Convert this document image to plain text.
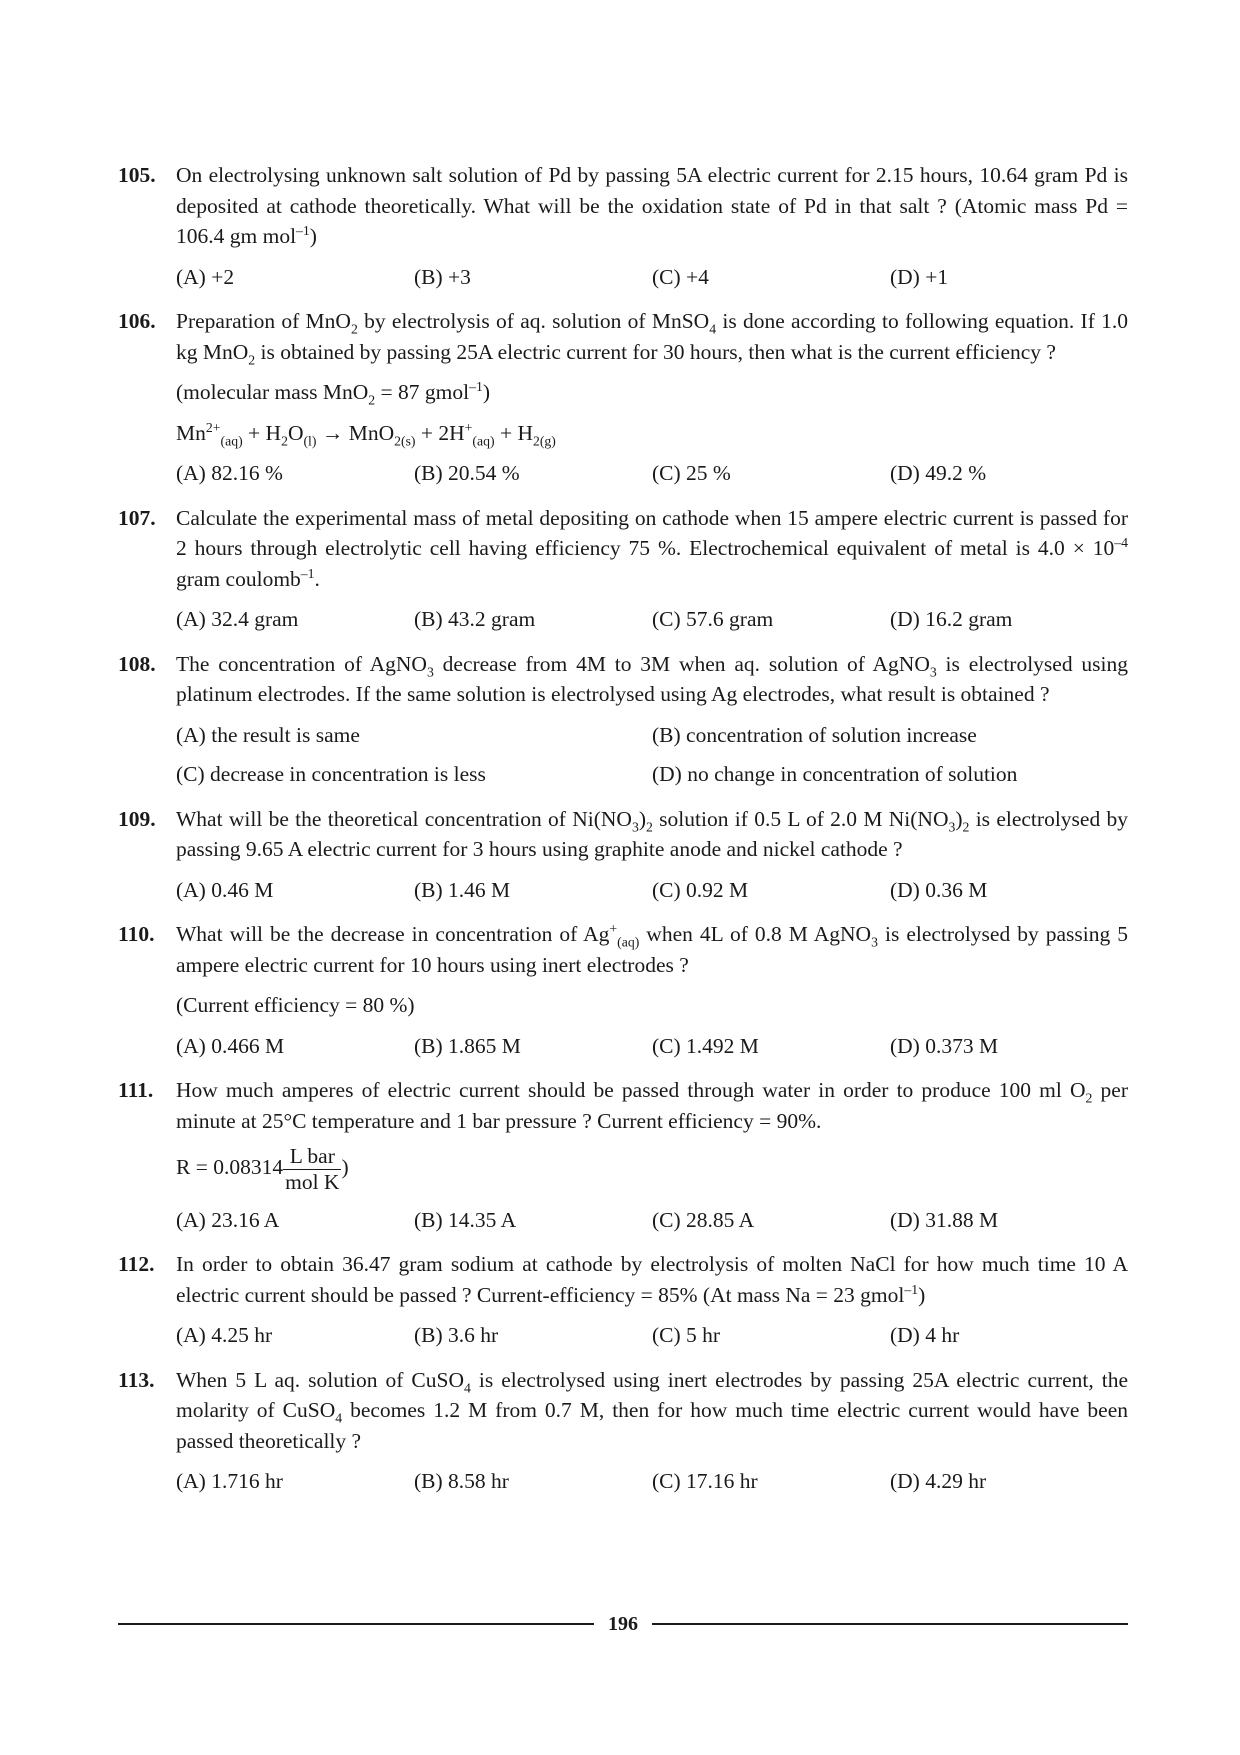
105. On electrolysing unknown salt solution of Pd by passing 5A electric current for 2.15 hours, 10.64 gram Pd is deposited at cathode theoretically. What will be the oxidation state of Pd in that salt ? (Atomic mass Pd = 106.4 gm mol$^{-1}$)
(A) +2	(B) +3	(C) +4	(D) +1
106. Preparation of MnO$_2$ by electrolysis of aq. solution of MnSO$_4$ is done according to following equation. If 1.0 kg MnO$_2$ is obtained by passing 25A electric current for 30 hours, then what is the current efficiency ?
(molecular mass MnO$_2$ = 87 gmol$^{-1}$)
$Mn^{2+}_{(aq)} + H_2O_{(l)} \to MnO_{2(s)} + 2H^+_{(aq)} + H_{2(g)}$
(A) 82.16 %	(B) 20.54 %	(C) 25 %	(D) 49.2 %
107. Calculate the experimental mass of metal depositing on cathode when 15 ampere electric current is passed for 2 hours through electrolytic cell having efficiency 75 %. Electrochemical equivalent of metal is $4.0 \times 10^{-4}$ gram coulomb$^{-1}$.
(A) 32.4 gram	(B) 43.2 gram	(C) 57.6 gram	(D) 16.2 gram
108. The concentration of AgNO$_3$ decrease from 4M to 3M when aq. solution of AgNO$_3$ is electrolysed using platinum electrodes. If the same solution is electrolysed using Ag electrodes, what result is obtained ?
(A) the result is same	(B) concentration of solution increase
(C) decrease in concentration is less	(D) no change in concentration of solution
109. What will be the theoretical concentration of $Ni(NO_3)_2$ solution if 0.5 L of 2.0 M $Ni(NO_3)_2$ is electrolysed by passing 9.65 A electric current for 3 hours using graphite anode and nickel cathode ?
(A) 0.46 M	(B) 1.46 M	(C) 0.92 M	(D) 0.36 M
110.	What will be the decrease in concentration of $Ag^+_{(aq)}$ when 4L of 0.8 M AgNO$_3$ is electrolysed by passing 5 ampere electric current for 10 hours using inert electrodes ?
(Current efficiency = 80 %)
(A) 0.466 M	(B) 1.865 M	(C) 1.492 M	(D) 0.373 M
111.	How much amperes of electric current should be passed through water in order to produce 100 ml $O_2$ per minute at 25°C temperature and 1 bar pressure ? Current efficiency = 90%.
$R = 0.08314 \frac{\text{L bar}}{\text{mol K}}$ )
(A) 23.16 A	(B) 14.35 A	(C) 28.85 A	(D) 31.88 M
112.	In order to obtain 36.47 gram sodium at cathode by electrolysis of molten NaCl for how much time 10 A electric current should be passed ? Current-efficiency = 85% (At mass Na = 23 gmol$^{-1}$)
(A) 4.25 hr	(B) 3.6 hr	(C) 5 hr	(D) 4 hr
113.	When 5 L aq. solution of CuSO$_4$ is electrolysed using inert electrodes by passing 25A electric current, the molarity of CuSO$_4$ becomes 1.2 M from 0.7 M, then for how much time electric current would have been passed theoretically ?
(A) 1.716 hr	(B) 8.58 hr	(C) 17.16 hr	(D) 4.29 hr
196
